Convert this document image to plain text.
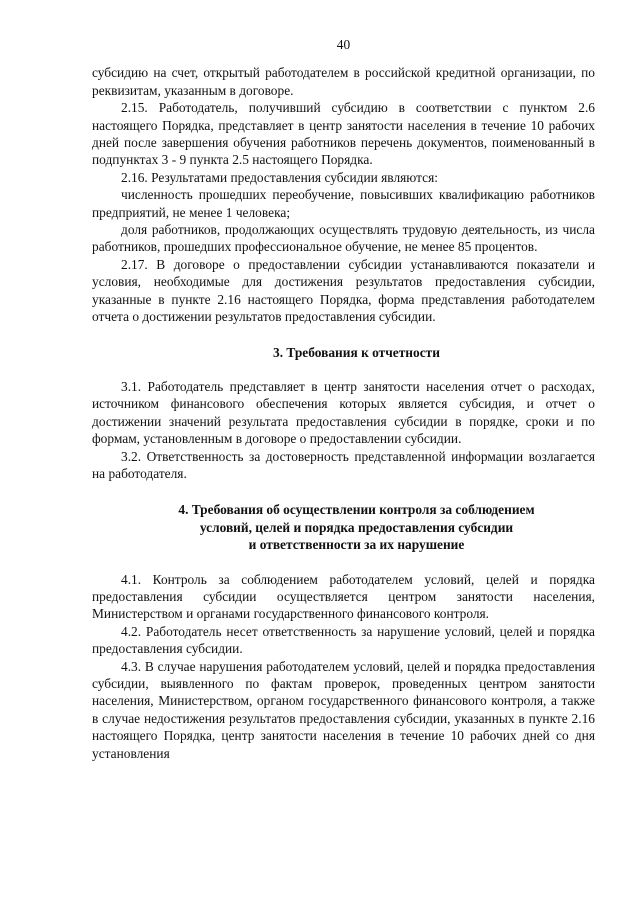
40

субсидию на счет, открытый работодателем в российской кредитной организации, по реквизитам, указанным в договоре.

2.15. Работодатель, получивший субсидию в соответствии с пунктом 2.6 настоящего Порядка, представляет в центр занятости населения в течение 10 рабочих дней после завершения обучения работников перечень документов, поименованный в подпунктах 3 - 9 пункта 2.5 настоящего Порядка.

2.16. Результатами предоставления субсидии являются:

численность прошедших переобучение, повысивших квалификацию работников предприятий, не менее 1 человека;

доля работников, продолжающих осуществлять трудовую деятельность, из числа работников, прошедших профессиональное обучение, не менее 85 процентов.

2.17. В договоре о предоставлении субсидии устанавливаются показатели и условия, необходимые для достижения результатов предоставления субсидии, указанные в пункте 2.16 настоящего Порядка, форма представления работодателем отчета о достижении результатов предоставления субсидии.

3. Требования к отчетности

3.1. Работодатель представляет в центр занятости населения отчет о расходах, источником финансового обеспечения которых является субсидия, и отчет о достижении значений результата предоставления субсидии в порядке, сроки и по формам, установленным в договоре о предоставлении субсидии.

3.2. Ответственность за достоверность представленной информации возлагается на работодателя.

4. Требования об осуществлении контроля за соблюдением
условий, целей и порядка предоставления субсидии
и ответственности за их нарушение

4.1. Контроль за соблюдением работодателем условий, целей и порядка предоставления субсидии осуществляется центром занятости населения, Министерством и органами государственного финансового контроля.

4.2. Работодатель несет ответственность за нарушение условий, целей и порядка предоставления субсидии.

4.3. В случае нарушения работодателем условий, целей и порядка предоставления субсидии, выявленного по фактам проверок, проведенных центром занятости населения, Министерством, органом государственного финансового контроля, а также в случае недостижения результатов предоставления субсидии, указанных в пункте 2.16 настоящего Порядка, центр занятости населения в течение 10 рабочих дней со дня установления
